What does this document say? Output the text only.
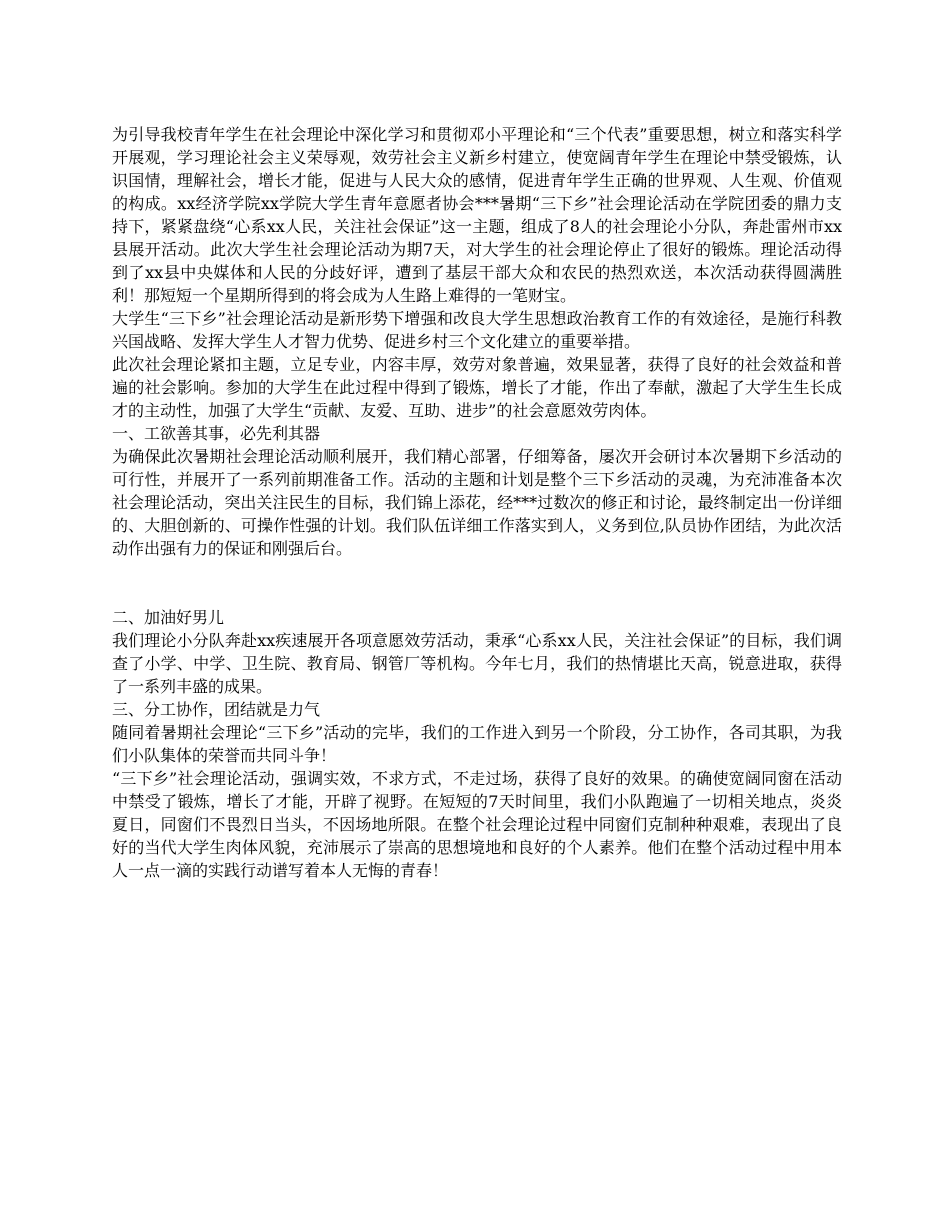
为引导我校青年学生在社会理论中深化学习和贯彻邓小平理论和“三个代表”重要思想，树立和落实科学开展观，学习理论社会主义荣辱观，效劳社会主义新乡村建立，使宽阔青年学生在理论中禁受锻炼，认识国情，理解社会，增长才能，促进与人民大众的感情，促进青年学生正确的世界观、人生观、价值观的构成。xx经济学院xx学院大学生青年意愿者协会***暑期“三下乡”社会理论活动在学院团委的鼎力支持下，紧紧盘绕“心系xx人民，关注社会保证”这一主题，组成了8人的社会理论小分队，奔赴雷州市xx县展开活动。此次大学生社会理论活动为期7天，对大学生的社会理论停止了很好的锻炼。理论活动得到了xx县中央媒体和人民的分歧好评，遭到了基层干部大众和农民的热烈欢送，本次活动获得圆满胜利！那短短一个星期所得到的将会成为人生路上难得的一笔财宝。

大学生“三下乡”社会理论活动是新形势下增强和改良大学生思想政治教育工作的有效途径，是施行科教兴国战略、发挥大学生人才智力优势、促进乡村三个文化建立的重要举措。

此次社会理论紧扣主题，立足专业，内容丰厚，效劳对象普遍，效果显著，获得了良好的社会效益和普遍的社会影响。参加的大学生在此过程中得到了锻炼，增长了才能，作出了奉献，激起了大学生生长成才的主动性，加强了大学生“贡献、友爱、互助、进步”的社会意愿效劳肉体。

一、工欲善其事，必先利其器

为确保此次暑期社会理论活动顺利展开，我们精心部署，仔细筹备，屡次开会研讨本次暑期下乡活动的可行性，并展开了一系列前期准备工作。活动的主题和计划是整个三下乡活动的灵魂，为充沛准备本次社会理论活动，突出关注民生的目标，我们锦上添花，经***过数次的修正和讨论，最终制定出一份详细的、大胆创新的、可操作性强的计划。我们队伍详细工作落实到人，义务到位,队员协作团结，为此次活动作出强有力的保证和刚强后台。

二、加油好男儿

我们理论小分队奔赴xx疾速展开各项意愿效劳活动，秉承“心系xx人民，关注社会保证”的目标，我们调查了小学、中学、卫生院、教育局、钢管厂等机构。今年七月，我们的热情堪比天高，锐意进取，获得了一系列丰盛的成果。

三、分工协作，团结就是力气

随同着暑期社会理论“三下乡”活动的完毕，我们的工作进入到另一个阶段，分工协作，各司其职，为我们小队集体的荣誉而共同斗争！

“三下乡”社会理论活动，强调实效，不求方式，不走过场，获得了良好的效果。的确使宽阔同窗在活动中禁受了锻炼，增长了才能，开辟了视野。在短短的7天时间里，我们小队跑遍了一切相关地点，炎炎夏日，同窗们不畏烈日当头，不因场地所限。在整个社会理论过程中同窗们克制种种艰难，表现出了良好的当代大学生肉体风貌，充沛展示了崇高的思想境地和良好的个人素养。他们在整个活动过程中用本人一点一滴的实践行动谱写着本人无悔的青春！
